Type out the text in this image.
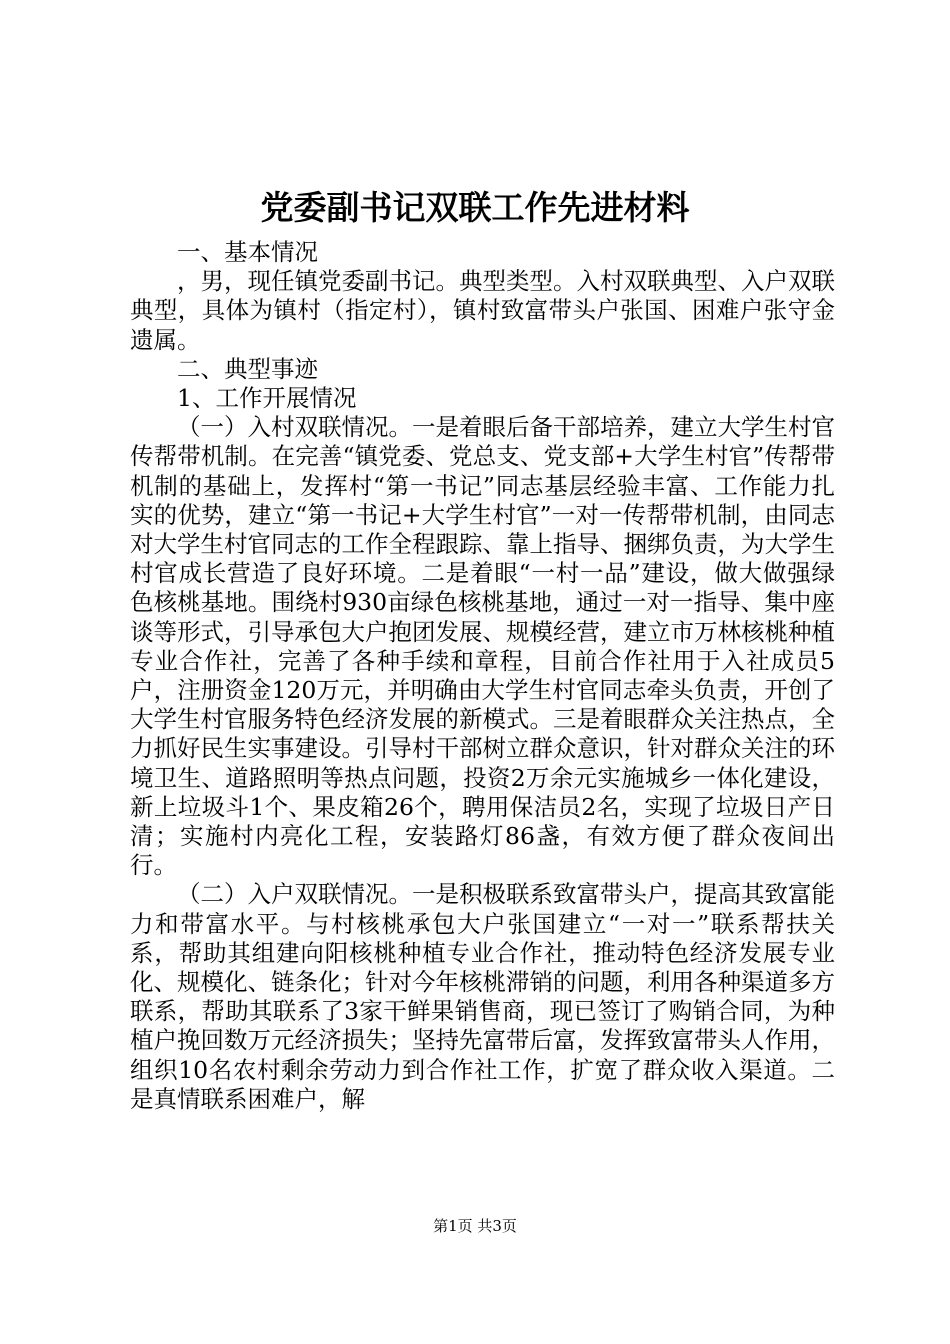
党委副书记双联工作先进材料

一、基本情况

，男，现任镇党委副书记。典型类型。入村双联典型、入户双联典型，具体为镇村（指定村），镇村致富带头户张国、困难户张守金遗属。

二、典型事迹

1、工作开展情况

（一）入村双联情况。一是着眼后备干部培养，建立大学生村官传帮带机制。在完善“镇党委、党总支、党支部+大学生村官”传帮带机制的基础上，发挥村“第一书记”同志基层经验丰富、工作能力扎实的优势，建立“第一书记+大学生村官”一对一传帮带机制，由同志对大学生村官同志的工作全程跟踪、靠上指导、捆绑负责，为大学生村官成长营造了良好环境。二是着眼“一村一品”建设，做大做强绿色核桃基地。围绕村930亩绿色核桃基地，通过一对一指导、集中座谈等形式，引导承包大户抱团发展、规模经营，建立市万林核桃种植专业合作社，完善了各种手续和章程，目前合作社用于入社成员5户，注册资金120万元，并明确由大学生村官同志牵头负责，开创了大学生村官服务特色经济发展的新模式。三是着眼群众关注热点，全力抓好民生实事建设。引导村干部树立群众意识，针对群众关注的环境卫生、道路照明等热点问题，投资2万余元实施城乡一体化建设，新上垃圾斗1个、果皮箱26个，聘用保洁员2名，实现了垃圾日产日清；实施村内亮化工程，安装路灯86盏，有效方便了群众夜间出行。

（二）入户双联情况。一是积极联系致富带头户，提高其致富能力和带富水平。与村核桃承包大户张国建立“一对一”联系帮扶关系，帮助其组建向阳核桃种植专业合作社，推动特色经济发展专业化、规模化、链条化；针对今年核桃滞销的问题，利用各种渠道多方联系，帮助其联系了3家干鲜果销售商，现已签订了购销合同，为种植户挽回数万元经济损失；坚持先富带后富，发挥致富带头人作用，组织10名农村剩余劳动力到合作社工作，扩宽了群众收入渠道。二是真情联系困难户，解

第1页 共3页
